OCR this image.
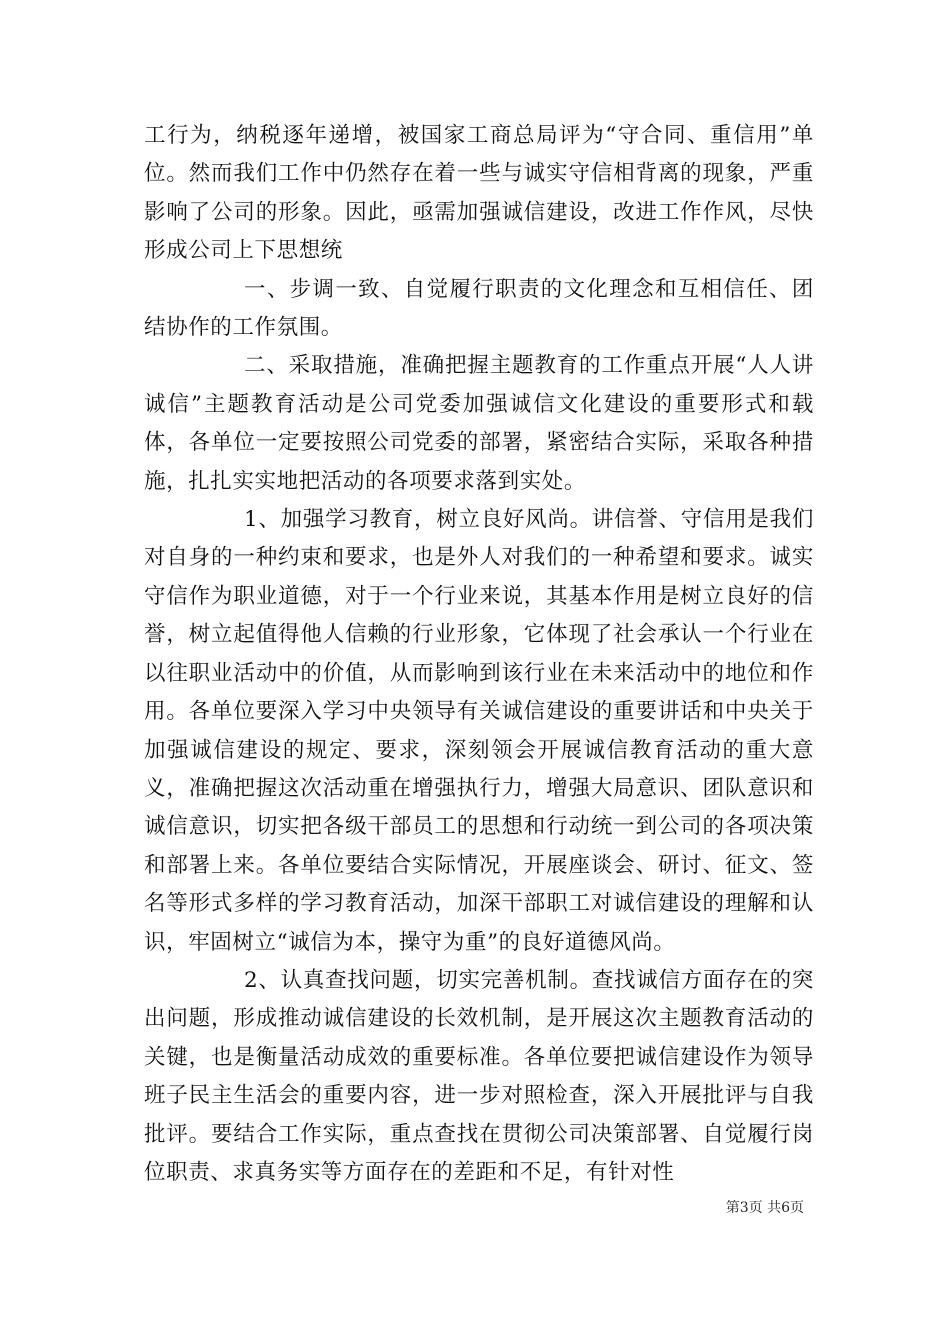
工行为，纳税逐年递增，被国家工商总局评为“守合同、重信用”单位。然而我们工作中仍然存在着一些与诚实守信相背离的现象，严重影响了公司的形象。因此，亟需加强诚信建设，改进工作作风，尽快形成公司上下思想统

一、步调一致、自觉履行职责的文化理念和互相信任、团结协作的工作氛围。

二、采取措施，准确把握主题教育的工作重点开展“人人讲诚信”主题教育活动是公司党委加强诚信文化建设的重要形式和载体，各单位一定要按照公司党委的部署，紧密结合实际，采取各种措施，扎扎实实地把活动的各项要求落到实处。

1、加强学习教育，树立良好风尚。讲信誉、守信用是我们对自身的一种约束和要求，也是外人对我们的一种希望和要求。诚实守信作为职业道德，对于一个行业来说，其基本作用是树立良好的信誉，树立起值得他人信赖的行业形象，它体现了社会承认一个行业在以往职业活动中的价值，从而影响到该行业在未来活动中的地位和作用。各单位要深入学习中央领导有关诚信建设的重要讲话和中央关于加强诚信建设的规定、要求，深刻领会开展诚信教育活动的重大意义，准确把握这次活动重在增强执行力，增强大局意识、团队意识和诚信意识，切实把各级干部员工的思想和行动统一到公司的各项决策和部署上来。各单位要结合实际情况，开展座谈会、研讨、征文、签名等形式多样的学习教育活动，加深干部职工对诚信建设的理解和认识，牢固树立“诚信为本，操守为重”的良好道德风尚。

2、认真查找问题，切实完善机制。查找诚信方面存在的突出问题，形成推动诚信建设的长效机制，是开展这次主题教育活动的关键，也是衡量活动成效的重要标准。各单位要把诚信建设作为领导班子民主生活会的重要内容，进一步对照检查，深入开展批评与自我批评。要结合工作实际，重点查找在贯彻公司决策部署、自觉履行岗位职责、求真务实等方面存在的差距和不足，有针对性

第3页 共6页
